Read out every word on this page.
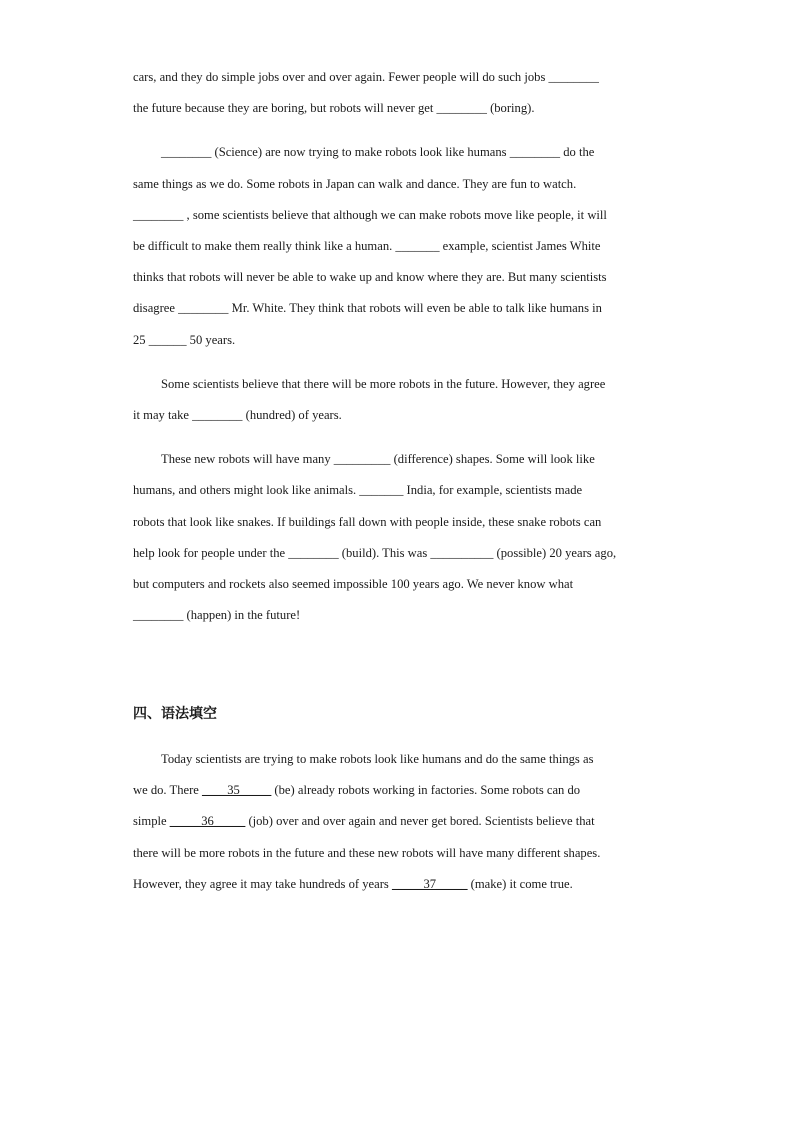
cars, and they do simple jobs over and over again. Fewer people will do such jobs ________

the future because they are boring, but robots will never get ________ (boring).

________ (Science) are now trying to make robots look like humans ________ do the

same things as we do. Some robots in Japan can walk and dance. They are fun to watch.

________ , some scientists believe that although we can make robots move like people, it will

be difficult to make them really think like a human. _______ example, scientist James White

thinks that robots will never be able to wake up and know where they are. But many scientists

disagree ________ Mr. White. They think that robots will even be able to talk like humans in

25 ______ 50 years.

Some scientists believe that there will be more robots in the future. However, they agree

it may take ________ (hundred) of years.

These new robots will have many _________ (difference) shapes. Some will look like

humans, and others might look like animals. _______ India, for example, scientists made

robots that look like snakes. If buildings fall down with people inside, these snake robots can

help look for people under the ________ (build). This was __________ (possible) 20 years ago,

but computers and rockets also seemed impossible 100 years ago. We never know what

________ (happen) in the future!

四、语法填空

Today scientists are trying to make robots look like humans and do the same things as

we do. There ____35_____ (be) already robots working in factories. Some robots can do

simple _____36_____ (job) over and over again and never get bored. Scientists believe that

there will be more robots in the future and these new robots will have many different shapes.

However, they agree it may take hundreds of years _____37_____ (make) it come true.
